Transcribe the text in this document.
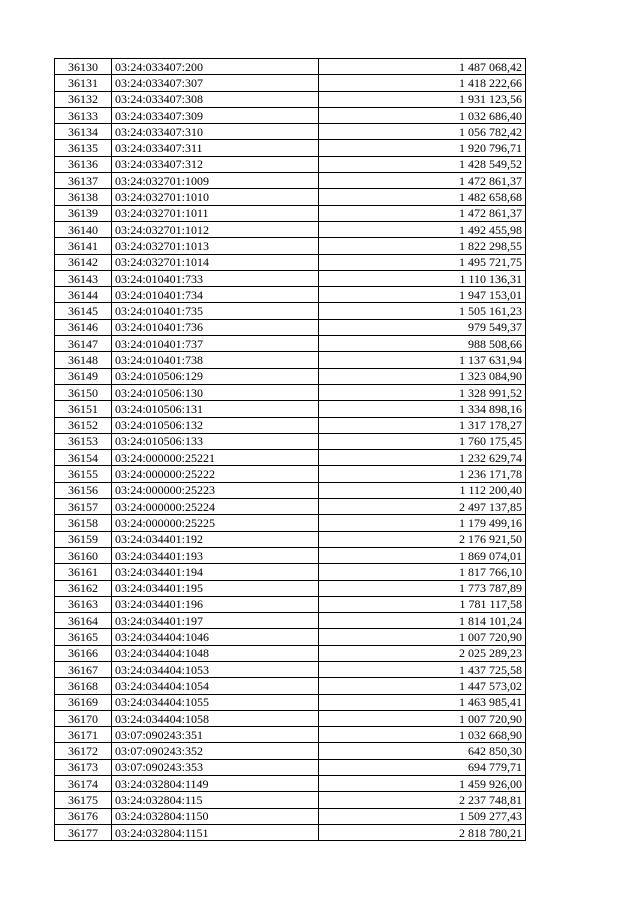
36130	03:24:033407:200	1 487 068,42
36131	03:24:033407:307	1 418 222,66
36132	03:24:033407:308	1 931 123,56
36133	03:24:033407:309	1 032 686,40
36134	03:24:033407:310	1 056 782,42
36135	03:24:033407:311	1 920 796,71
36136	03:24:033407:312	1 428 549,52
36137	03:24:032701:1009	1 472 861,37
36138	03:24:032701:1010	1 482 658,68
36139	03:24:032701:1011	1 472 861,37
36140	03:24:032701:1012	1 492 455,98
36141	03:24:032701:1013	1 822 298,55
36142	03:24:032701:1014	1 495 721,75
36143	03:24:010401:733	1 110 136,31
36144	03:24:010401:734	1 947 153,01
36145	03:24:010401:735	1 505 161,23
36146	03:24:010401:736	979 549,37
36147	03:24:010401:737	988 508,66
36148	03:24:010401:738	1 137 631,94
36149	03:24:010506:129	1 323 084,90
36150	03:24:010506:130	1 328 991,52
36151	03:24:010506:131	1 334 898,16
36152	03:24:010506:132	1 317 178,27
36153	03:24:010506:133	1 760 175,45
36154	03:24:000000:25221	1 232 629,74
36155	03:24:000000:25222	1 236 171,78
36156	03:24:000000:25223	1 112 200,40
36157	03:24:000000:25224	2 497 137,85
36158	03:24:000000:25225	1 179 499,16
36159	03:24:034401:192	2 176 921,50
36160	03:24:034401:193	1 869 074,01
36161	03:24:034401:194	1 817 766,10
36162	03:24:034401:195	1 773 787,89
36163	03:24:034401:196	1 781 117,58
36164	03:24:034401:197	1 814 101,24
36165	03:24:034404:1046	1 007 720,90
36166	03:24:034404:1048	2 025 289,23
36167	03:24:034404:1053	1 437 725,58
36168	03:24:034404:1054	1 447 573,02
36169	03:24:034404:1055	1 463 985,41
36170	03:24:034404:1058	1 007 720,90
36171	03:07:090243:351	1 032 668,90
36172	03:07:090243:352	642 850,30
36173	03:07:090243:353	694 779,71
36174	03:24:032804:1149	1 459 926,00
36175	03:24:032804:115	2 237 748,81
36176	03:24:032804:1150	1 509 277,43
36177	03:24:032804:1151	2 818 780,21
